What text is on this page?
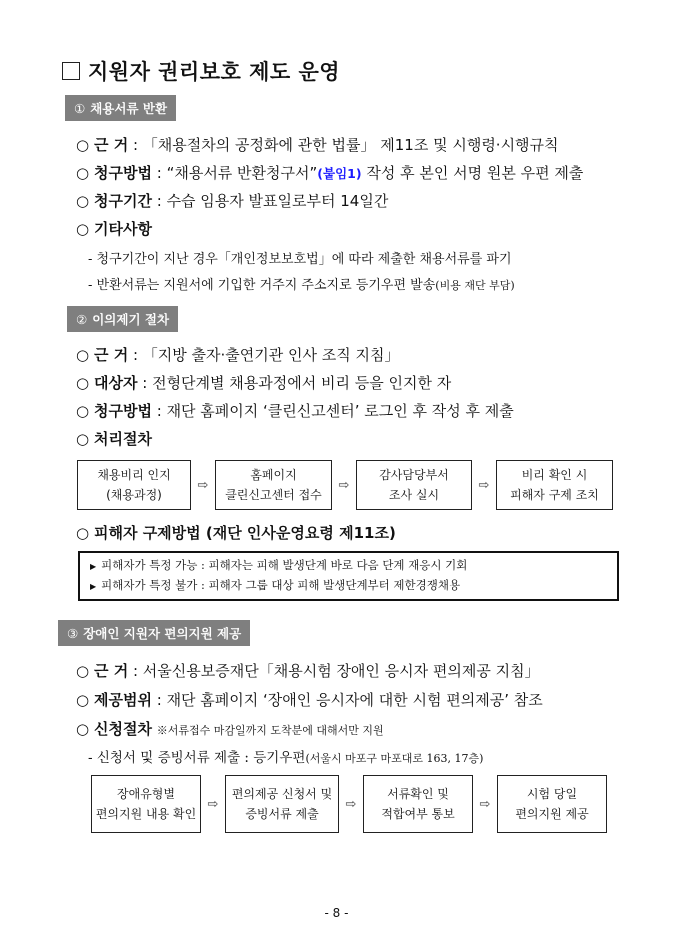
지원자 권리보호 제도 운영
① 채용서류 반환
○ 근 거 : 「채용절차의 공정화에 관한 법률」 제11조 및 시행령·시행규칙
○ 청구방법 : “채용서류 반환청구서”(붙임1) 작성 후 본인 서명 원본 우편 제출
○ 청구기간 : 수습 임용자 발표일로부터 14일간
○ 기타사항
- 청구기간이 지난 경우「개인정보보호법」에 따라 제출한 채용서류를 파기
- 반환서류는 지원서에 기입한 거주지 주소지로 등기우편 발송(비용 재단 부담)
② 이의제기 절차
○ 근 거 : 「지방 출자·출연기관 인사 조직 지침」
○ 대상자 : 전형단계별 채용과정에서 비리 등을 인지한 자
○ 청구방법 : 재단 홈페이지 ‘클린신고센터’ 로그인 후 작성 후 제출
○ 처리절차
채용비리 인지
(채용과정)
⇨
홈페이지
클린신고센터 접수
⇨
감사담당부서
조사 실시
⇨
비리 확인 시
피해자 구제 조치
○ 피해자 구제방법 (재단 인사운영요령 제11조)
▶ 피해자가 특정 가능 : 피해자는 피해 발생단계 바로 다음 단계 재응시 기회
▶ 피해자가 특정 불가 : 피해자 그룹 대상 피해 발생단계부터 제한경쟁채용
③ 장애인 지원자 편의지원 제공
○ 근 거 : 서울신용보증재단「채용시험 장애인 응시자 편의제공 지침」
○ 제공범위 : 재단 홈페이지 ‘장애인 응시자에 대한 시험 편의제공’ 참조
○ 신청절차 ※서류접수 마감일까지 도착분에 대해서만 지원
- 신청서 및 증빙서류 제출 : 등기우편(서울시 마포구 마포대로 163, 17층)
장애유형별
편의지원 내용 확인
⇨
편의제공 신청서 및
증빙서류 제출
⇨
서류확인 및
적합여부 통보
⇨
시험 당일
편의지원 제공
- 8 -
